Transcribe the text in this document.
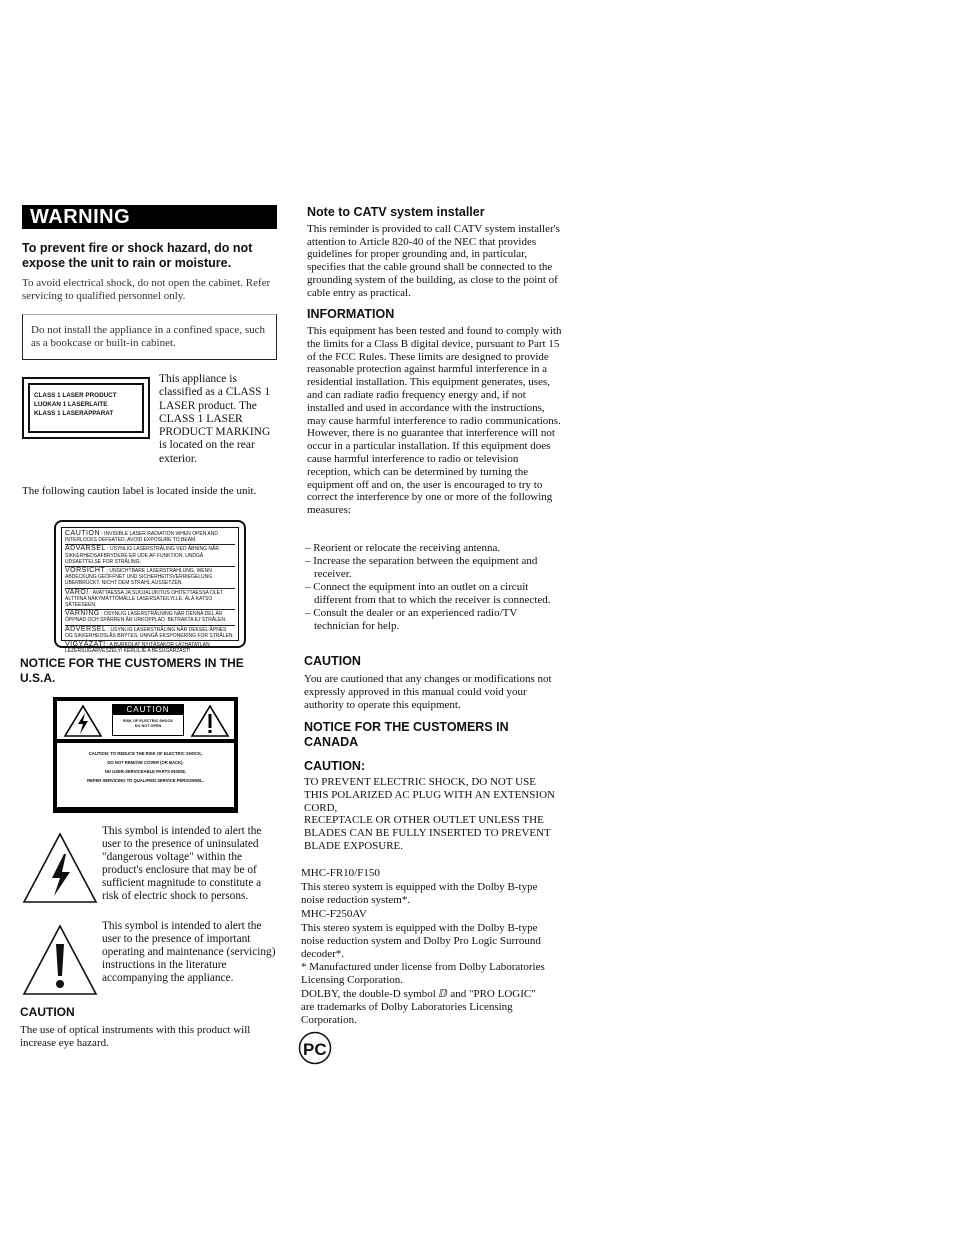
WARNING
To prevent fire or shock hazard, do not expose the unit to rain or moisture.
To avoid electrical shock, do not open the cabinet. Refer servicing to qualified personnel only.
Do not install the appliance in a confined space, such as a bookcase or built-in cabinet.
CLASS 1 LASER PRODUCT
LUOKAN 1 LASERLAITE
KLASS 1 LASERAPPARAT
This appliance is classified as a CLASS 1 LASER product. The CLASS 1 LASER PRODUCT MARKING is located on the rear exterior.
The following caution label is located inside the unit.
CAUTION : INVISIBLE LASER RADIATION WHEN OPEN AND INTERLOCKS DEFEATED. AVOID EXPOSURE TO BEAM.
ADVARSEL : USYNLIG LASERSTRÅLING VED ÅBNING NÅR SIKKERHEDSAFBRYDERE ER UDE AF FUNKTION. UNDGÅ UDSAETTELSE FOR STRÅLING.
VORSICHT : UNSICHTBARE LASERSTRAHLUNG, WENN ABDECKUNG GEÖFFNET UND SICHERHEITSVERRIEGELUNG ÜBERBRÜCKT. NICHT DEM STRAHL AUSSETZEN.
VARO! : AVATTAESSA JA SUOJALUKITUS OHITETTAESSA OLET ALTTIINA NÄKYMÄTTÖMÄLLE LASERSÄTEILYLLE. ÄLÄ KATSO SÄTEESEEN.
VARNING : OSYNLIG LASERSTRÅLNING NÄR DENNA DEL ÄR ÖPPNAD OCH SPÄRREN ÄR URKOPPLAD. BETRAKTA EJ STRÅLEN.
ADVERSEL : USYNLIG LASERSTRÅLING NÅR DEKSEL ÅPNES OG SIKKERHEDSLÅS BRYTES. UNNGÅ EKSPONERING FOR STRÅLEN.
VIGYÁZAT! : A BURKOLAT NYITÁSAKOR LÁTHATATLAN LÉZERSUGÁRVESZÉLY! KERÜLJE A BESUGÁRZÁST!
NOTICE FOR THE CUSTOMERS IN THE U.S.A.
CAUTION
RISK OF ELECTRIC SHOCK
DO NOT OPEN
CAUTION: TO REDUCE THE RISK OF ELECTRIC SHOCK,
DO NOT REMOVE COVER (OR BACK).
NO USER-SERVICEABLE PARTS INSIDE.
REFER SERVICING TO QUALIFIED SERVICE PERSONNEL.
This symbol is intended to alert the user to the presence of uninsulated "dangerous voltage" within the product's enclosure that may be of sufficient magnitude to constitute a risk of electric shock to persons.
This symbol is intended to alert the user to the presence of important operating and maintenance (servicing) instructions in the literature accompanying the appliance.
CAUTION
The use of optical instruments with this product will increase eye hazard.
Note to CATV system installer
This reminder is provided to call CATV system installer's attention to Article 820-40 of the NEC that provides guidelines for proper grounding and, in particular, specifies that the cable ground shall be connected to the grounding system of the building, as close to the point of cable entry as practical.
INFORMATION
This equipment has been tested and found to comply with the limits for a Class B digital device, pursuant to Part 15 of the FCC Rules. These limits are designed to provide reasonable protection against harmful interference in a residential installation. This equipment generates, uses, and can radiate radio frequency energy and, if not installed and used in accordance with the instructions, may cause harmful interference to radio communications. However, there is no guarantee that interference will not occur in a particular installation. If this equipment does cause harmful interference to radio or television reception, which can be determined by turning the equipment off and on, the user is encouraged to try to correct the interference by one or more of the following measures:
– Reorient or relocate the receiving antenna.
– Increase the separation between the equipment and receiver.
– Connect the equipment into an outlet on a circuit different from that to which the receiver is connected.
– Consult the dealer or an experienced radio/TV technician for help.
CAUTION
You are cautioned that any changes or modifications not expressly approved in this manual could void your authority to operate this equipment.
NOTICE FOR THE CUSTOMERS IN CANADA
CAUTION:
TO PREVENT ELECTRIC SHOCK, DO NOT USE THIS POLARIZED AC PLUG WITH AN EXTENSION CORD,
RECEPTACLE OR OTHER OUTLET UNLESS THE BLADES CAN BE FULLY INSERTED TO PREVENT BLADE EXPOSURE.
MHC-FR10/F150
This stereo system is equipped with the Dolby B-type noise reduction system*.
MHC-F250AV
This stereo system is equipped with the Dolby B-type noise reduction system and Dolby Pro Logic Surround decoder*.
* Manufactured under license from Dolby Laboratories Licensing Corporation.
DOLBY, the double-D symbol ⅅ and "PRO LOGIC" are trademarks of Dolby Laboratories Licensing Corporation.
PC
